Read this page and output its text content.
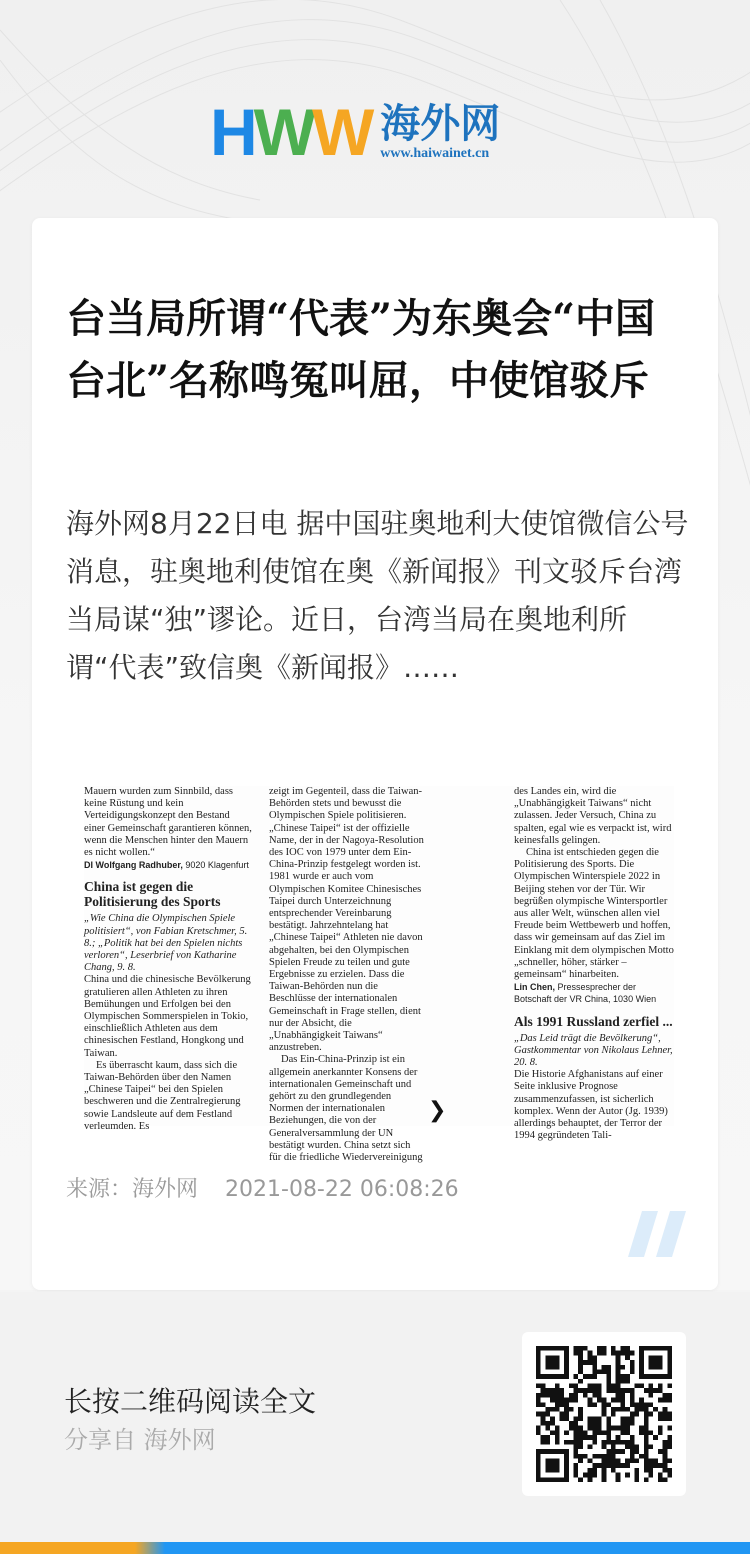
HWW 海外网
www.haiwainet.cn
台当局所谓“代表”为东奥会“中国台北”名称鸣冤叫屈，中使馆驳斥

海外网8月22日电 据中国驻奥地利大使馆微信公号消息，驻奥地利使馆在奥《新闻报》刊文驳斥台湾当局谋“独”谬论。近日，台湾当局在奥地利所谓“代表”致信奥《新闻报》……

Mauern wurden zum Sinnbild, dass keine Rüstung und kein Verteidigungskonzept den Bestand einer Gemeinschaft garantieren können, wenn die Menschen hinter den Mauern es nicht wollen.“

DI Wolfgang Radhuber, 9020 Klagenfurt

China ist gegen die Politisierung des Sports

„Wie China die Olympischen Spiele politisiert“, von Fabian Kretschmer, 5. 8.; „Politik hat bei den Spielen nichts verloren“, Leserbrief von Katharine Chang, 9. 8.

China und die chinesische Bevölkerung gratulieren allen Athleten zu ihren Bemühungen und Erfolgen bei den Olympischen Sommerspielen in Tokio, einschließlich Athleten aus dem chinesischen Festland, Hongkong und Taiwan.

Es überrascht kaum, dass sich die Taiwan-Behörden über den Namen „Chinese Taipei“ bei den Spielen beschweren und die Zentralregierung sowie Landsleute auf dem Festland verleumden. Es

zeigt im Gegenteil, dass die Taiwan-Behörden stets und bewusst die Olympischen Spiele politisieren. „Chinese Taipei“ ist der offizielle Name, der in der Nagoya-Resolution des IOC von 1979 unter dem Ein-China-Prinzip festgelegt worden ist. 1981 wurde er auch vom Olympischen Komitee Chinesisches Taipei durch Unterzeichnung entsprechender Vereinbarung bestätigt. Jahrzehntelang hat „Chinese Taipei“ Athleten nie davon abgehalten, bei den Olympischen Spielen Freude zu teilen und gute Ergebnisse zu erzielen. Dass die Taiwan-Behörden nun die Beschlüsse der internationalen Gemeinschaft in Frage stellen, dient nur der Absicht, die „Unabhängigkeit Taiwans“ anzustreben.

Das Ein-China-Prinzip ist ein allgemein anerkannter Konsens der internationalen Gemeinschaft und gehört zu den grundlegenden Normen der internationalen Beziehungen, die von der Generalversammlung der UN bestätigt wurden. China setzt sich für die friedliche Wiedervereinigung

des Landes ein, wird die „Unabhängigkeit Taiwans“ nicht zulassen. Jeder Versuch, China zu spalten, egal wie es verpackt ist, wird keinesfalls gelingen.

China ist entschieden gegen die Politisierung des Sports. Die Olympischen Winterspiele 2022 in Beijing stehen vor der Tür. Wir begrüßen olympische Wintersportler aus aller Welt, wünschen allen viel Freude beim Wettbewerb und hoffen, dass wir gemeinsam auf das Ziel im Einklang mit dem olympischen Motto „schneller, höher, stärker – gemeinsam“ hinarbeiten.

Lin Chen, Pressesprecher der Botschaft der VR China, 1030 Wien

Als 1991 Russland zerfiel ...

„Das Leid trägt die Bevölkerung“, Gastkommentar von Nikolaus Lehner, 20. 8.

Die Historie Afghanistans auf einer Seite inklusive Prognose zusammenzufassen, ist sicherlich komplex. Wenn der Autor (Jg. 1939) allerdings behauptet, der Terror der 1994 gegründeten Tali-

❯
来源：海外网 2021-08-22 06:08:26
长按二维码阅读全文
分享自 海外网
